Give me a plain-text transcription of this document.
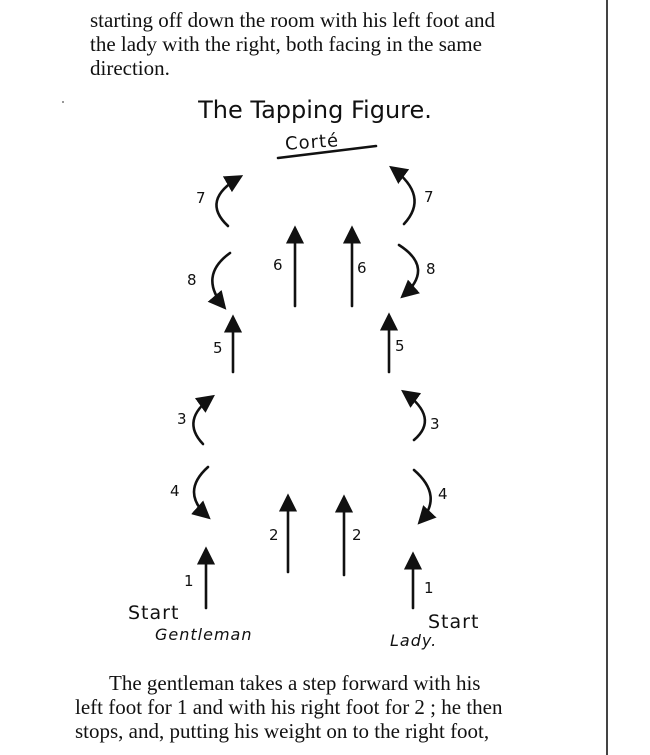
starting off down the room with his left foot and
the lady with the right, both facing in the same
direction.
The Tapping Figure.
1
2	2
1
4	4
3	3
5	5
8
8
6	6
7	7
Corté
Start
Gentleman
Start
Lady.
The gentleman takes a step forward with his
left foot for 1 and with his right foot for 2 ; he then
stops, and, putting his weight on to the right foot,
